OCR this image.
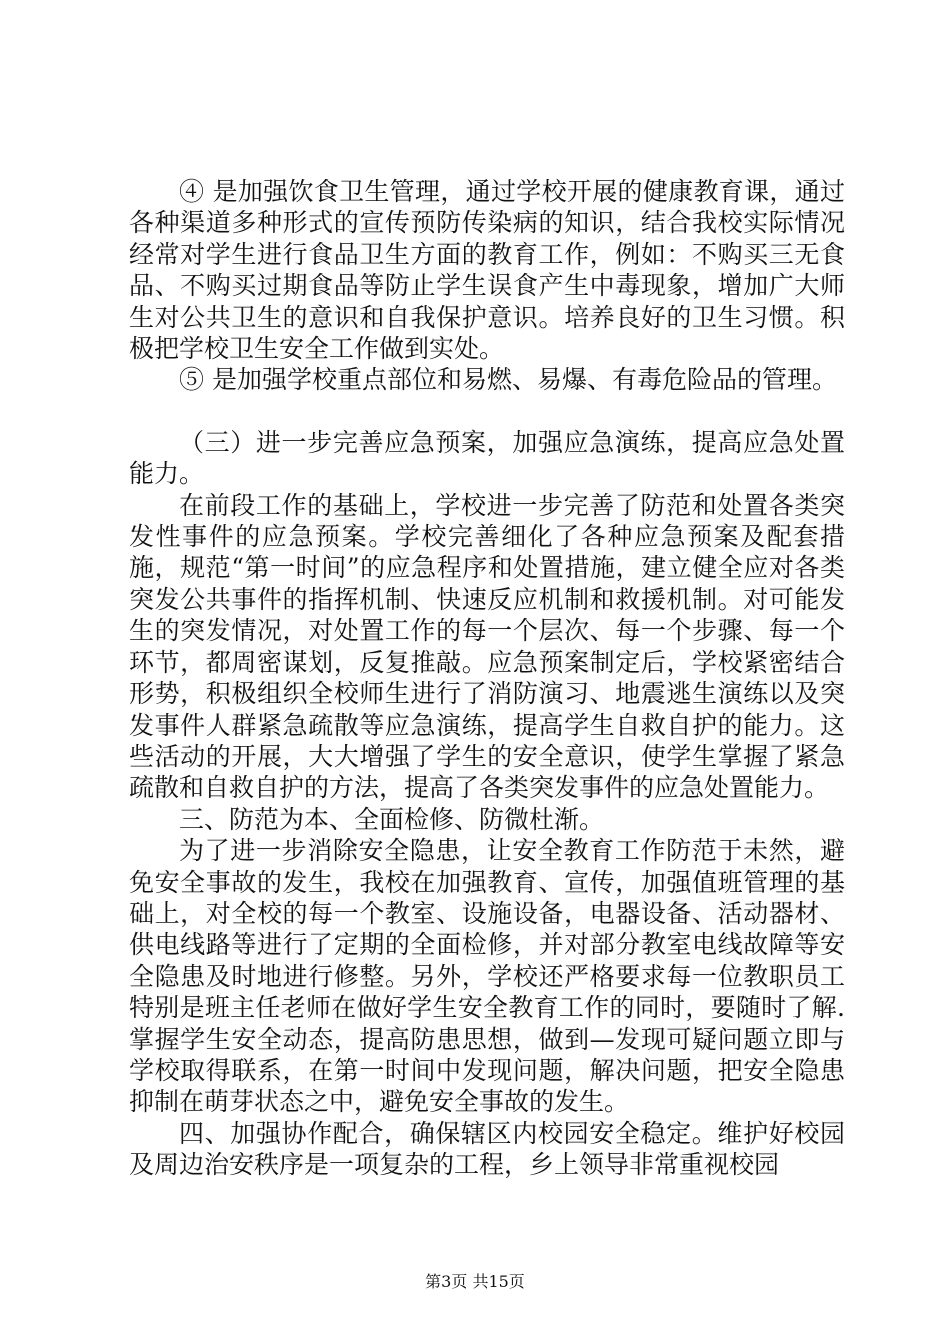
④ 是加强饮食卫生管理，通过学校开展的健康教育课，通过各种渠道多种形式的宣传预防传染病的知识，结合我校实际情况经常对学生进行食品卫生方面的教育工作，例如：不购买三无食品、不购买过期食品等防止学生误食产生中毒现象，增加广大师生对公共卫生的意识和自我保护意识。培养良好的卫生习惯。积极把学校卫生安全工作做到实处。

⑤ 是加强学校重点部位和易燃、易爆、有毒危险品的管理。

（三）进一步完善应急预案，加强应急演练，提高应急处置能力。

在前段工作的基础上，学校进一步完善了防范和处置各类突发性事件的应急预案。学校完善细化了各种应急预案及配套措施，规范“第一时间”的应急程序和处置措施，建立健全应对各类突发公共事件的指挥机制、快速反应机制和救援机制。对可能发生的突发情况，对处置工作的每一个层次、每一个步骤、每一个环节，都周密谋划，反复推敲。应急预案制定后，学校紧密结合形势，积极组织全校师生进行了消防演习、地震逃生演练以及突发事件人群紧急疏散等应急演练，提高学生自救自护的能力。这些活动的开展，大大增强了学生的安全意识，使学生掌握了紧急疏散和自救自护的方法，提高了各类突发事件的应急处置能力。

三、防范为本、全面检修、防微杜渐。

为了进一步消除安全隐患，让安全教育工作防范于未然，避免安全事故的发生，我校在加强教育、宣传，加强值班管理的基础上，对全校的每一个教室、设施设备，电器设备、活动器材、供电线路等进行了定期的全面检修，并对部分教室电线故障等安全隐患及时地进行修整。另外，学校还严格要求每一位教职员工特别是班主任老师在做好学生安全教育工作的同时，要随时了解.掌握学生安全动态，提高防患思想，做到—发现可疑问题立即与学校取得联系，在第一时间中发现问题，解决问题，把安全隐患抑制在萌芽状态之中，避免安全事故的发生。

四、加强协作配合，确保辖区内校园安全稳定。维护好校园及周边治安秩序是一项复杂的工程，乡上领导非常重视校园

第3页 共15页
